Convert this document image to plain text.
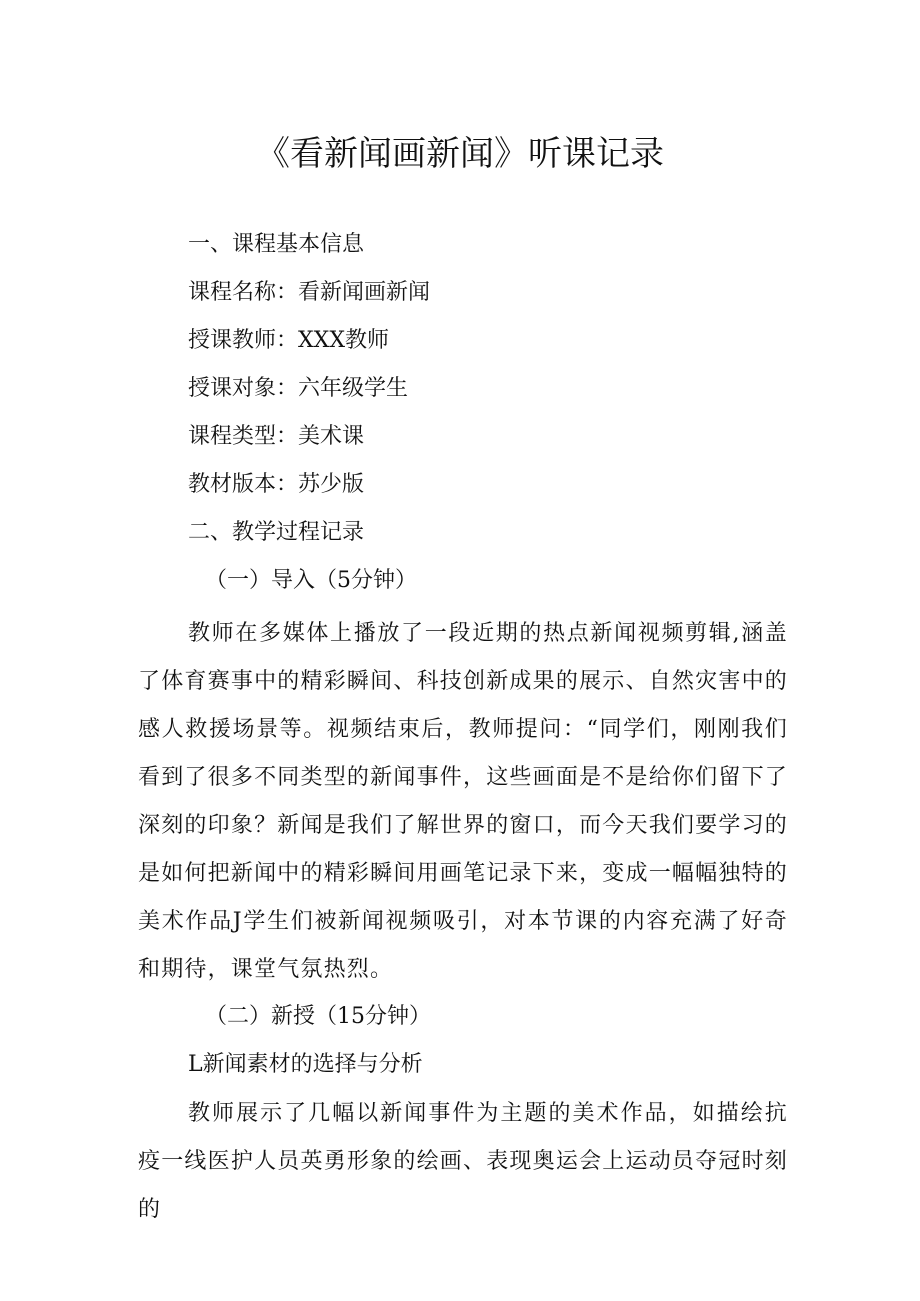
《看新闻画新闻》听课记录
一、课程基本信息
课程名称：看新闻画新闻
授课教师：XXX教师
授课对象：六年级学生
课程类型：美术课
教材版本：苏少版
二、教学过程记录
（一）导入（5分钟）
教师在多媒体上播放了一段近期的热点新闻视频剪辑,涵盖了体育赛事中的精彩瞬间、科技创新成果的展示、自然灾害中的感人救援场景等。视频结束后，教师提问：“同学们，刚刚我们看到了很多不同类型的新闻事件，这些画面是不是给你们留下了深刻的印象？新闻是我们了解世界的窗口，而今天我们要学习的是如何把新闻中的精彩瞬间用画笔记录下来，变成一幅幅独特的美术作品J学生们被新闻视频吸引，对本节课的内容充满了好奇和期待，课堂气氛热烈。
（二）新授（15分钟）
L新闻素材的选择与分析
教师展示了几幅以新闻事件为主题的美术作品，如描绘抗疫一线医护人员英勇形象的绘画、表现奥运会上运动员夺冠时刻的
